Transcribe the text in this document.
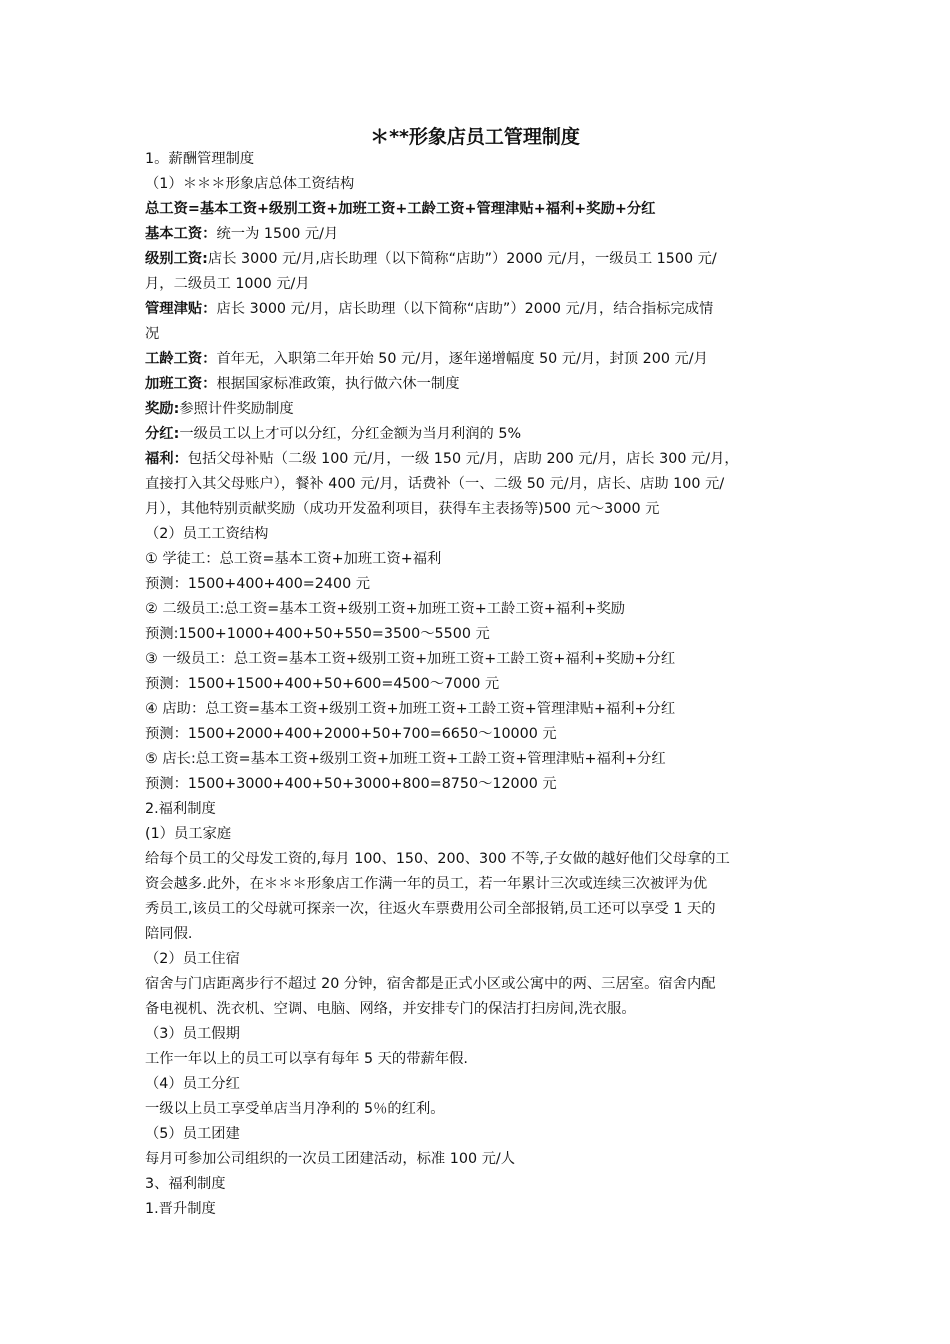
＊**形象店员工管理制度
1。薪酬管理制度
（1）＊＊＊形象店总体工资结构
总工资=基本工资+级别工资+加班工资+工龄工资+管理津贴+福利+奖励+分红
基本工资：统一为 1500 元/月
级别工资:店长 3000 元/月,店长助理（以下简称“店助”）2000 元/月，一级员工 1500 元/
月，二级员工 1000 元/月
管理津贴：店长 3000 元/月，店长助理（以下简称“店助”）2000 元/月，结合指标完成情
况
工龄工资：首年无，入职第二年开始 50 元/月，逐年递增幅度 50 元/月，封顶 200 元/月
加班工资：根据国家标准政策，执行做六休一制度
奖励:参照计件奖励制度
分红:一级员工以上才可以分红，分红金额为当月利润的 5%
福利：包括父母补贴（二级 100 元/月，一级 150 元/月，店助 200 元/月，店长 300 元/月，
直接打入其父母账户），餐补 400 元/月，话费补（一、二级 50 元/月，店长、店助 100 元/
月），其他特别贡献奖励（成功开发盈利项目，获得车主表扬等)500 元～3000 元
（2）员工工资结构
① 学徒工：总工资=基本工资+加班工资+福利
预测：1500+400+400=2400 元
② 二级员工:总工资=基本工资+级别工资+加班工资+工龄工资+福利+奖励
预测:1500+1000+400+50+550=3500～5500 元
③ 一级员工：总工资=基本工资+级别工资+加班工资+工龄工资+福利+奖励+分红
预测：1500+1500+400+50+600=4500～7000 元
④ 店助：总工资=基本工资+级别工资+加班工资+工龄工资+管理津贴+福利+分红
预测：1500+2000+400+2000+50+700=6650～10000 元
⑤ 店长:总工资=基本工资+级别工资+加班工资+工龄工资+管理津贴+福利+分红
预测：1500+3000+400+50+3000+800=8750～12000 元
2.福利制度
(1）员工家庭
给每个员工的父母发工资的,每月 100、150、200、300 不等,子女做的越好他们父母拿的工
资会越多.此外，在＊＊＊形象店工作满一年的员工，若一年累计三次或连续三次被评为优
秀员工,该员工的父母就可探亲一次，往返火车票费用公司全部报销,员工还可以享受 1 天的
陪同假.
（2）员工住宿
宿舍与门店距离步行不超过 20 分钟，宿舍都是正式小区或公寓中的两、三居室。宿舍内配
备电视机、洗衣机、空调、电脑、网络，并安排专门的保洁打扫房间,洗衣服。
（3）员工假期
工作一年以上的员工可以享有每年 5 天的带薪年假.
（4）员工分红
一级以上员工享受单店当月净利的 5％的红利。
（5）员工团建
每月可参加公司组织的一次员工团建活动，标准 100 元/人
3、福利制度
1.晋升制度
